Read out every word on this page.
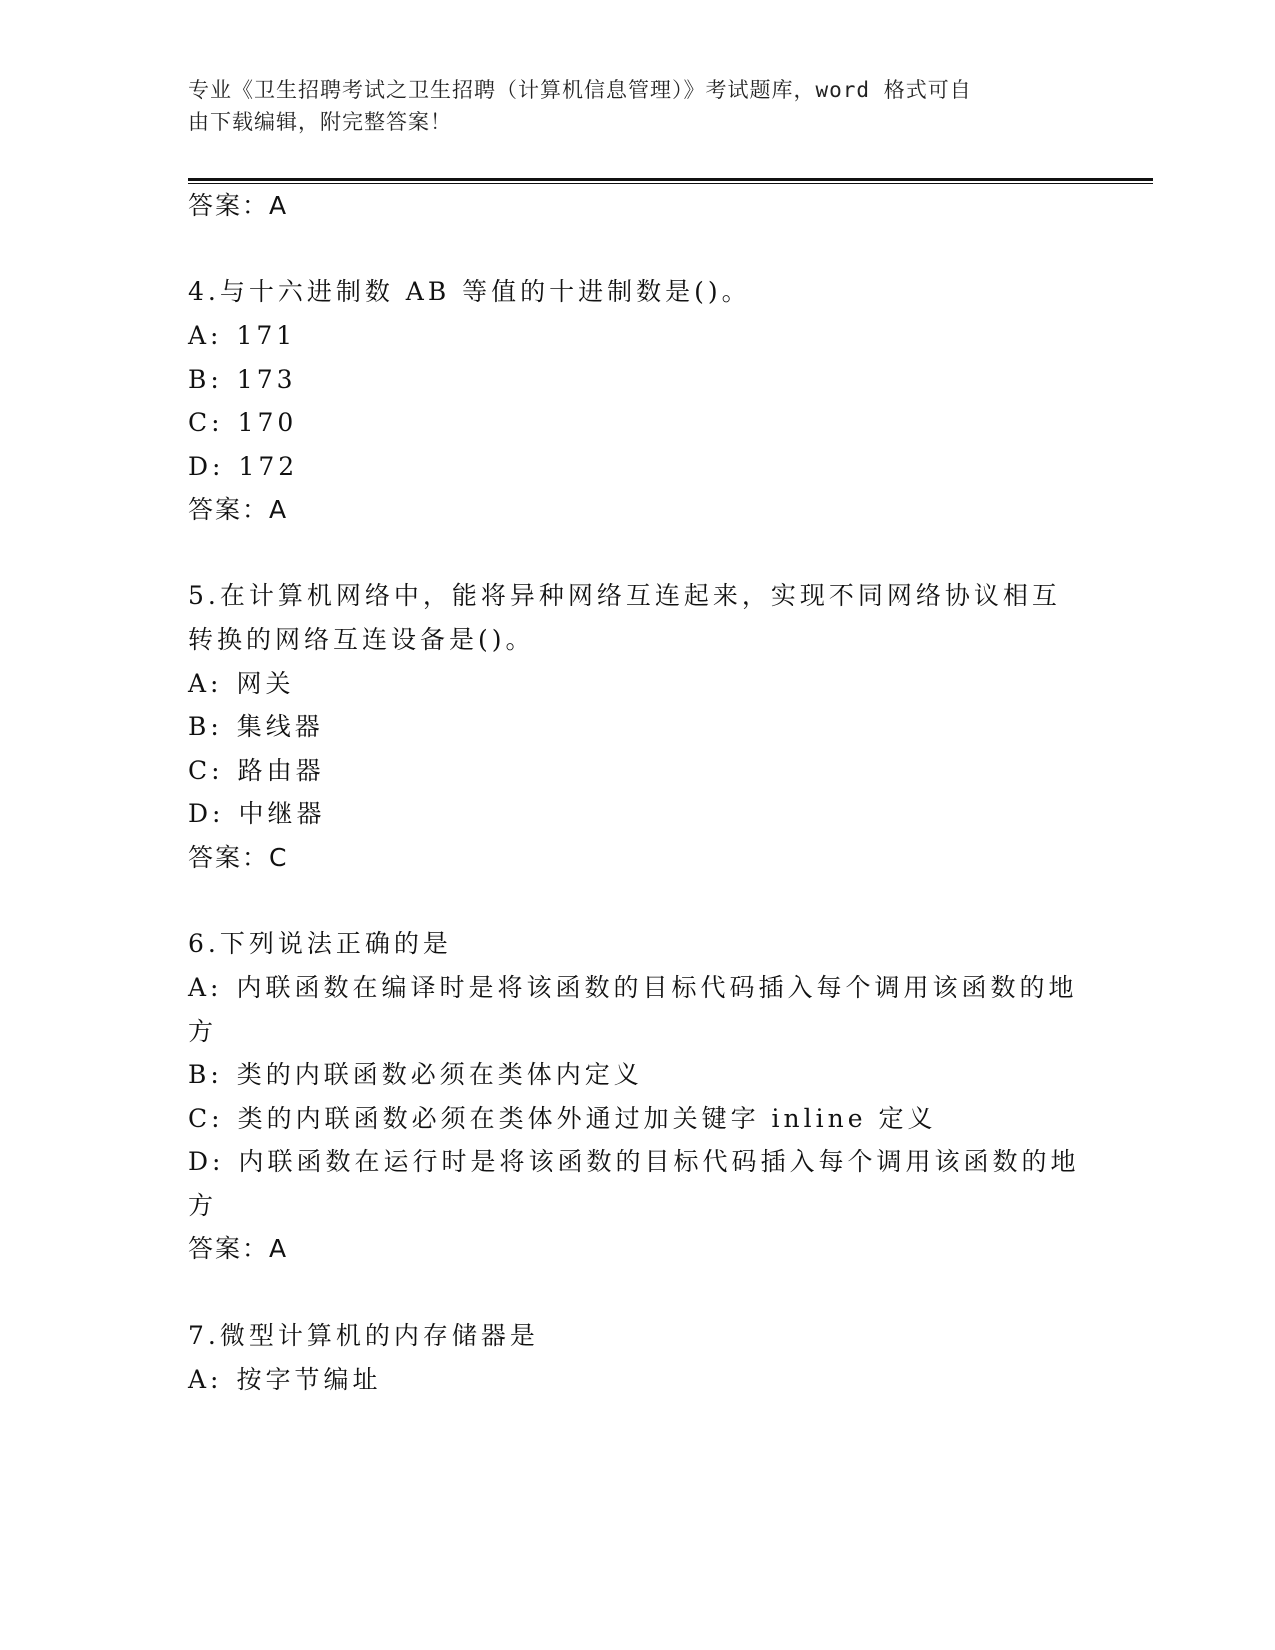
专业《卫生招聘考试之卫生招聘（计算机信息管理）》考试题库，word 格式可自
由下载编辑，附完整答案！
答案：A
4.与十六进制数 AB 等值的十进制数是()。
A: 171
B: 173
C: 170
D: 172
答案：A
5.在计算机网络中，能将异种网络互连起来，实现不同网络协议相互
转换的网络互连设备是()。
A: 网关
B: 集线器
C: 路由器
D: 中继器
答案：C
6.下列说法正确的是
A: 内联函数在编译时是将该函数的目标代码插入每个调用该函数的地
方
B: 类的内联函数必须在类体内定义
C: 类的内联函数必须在类体外通过加关键字 inline 定义
D: 内联函数在运行时是将该函数的目标代码插入每个调用该函数的地
方
答案：A
7.微型计算机的内存储器是
A: 按字节编址
